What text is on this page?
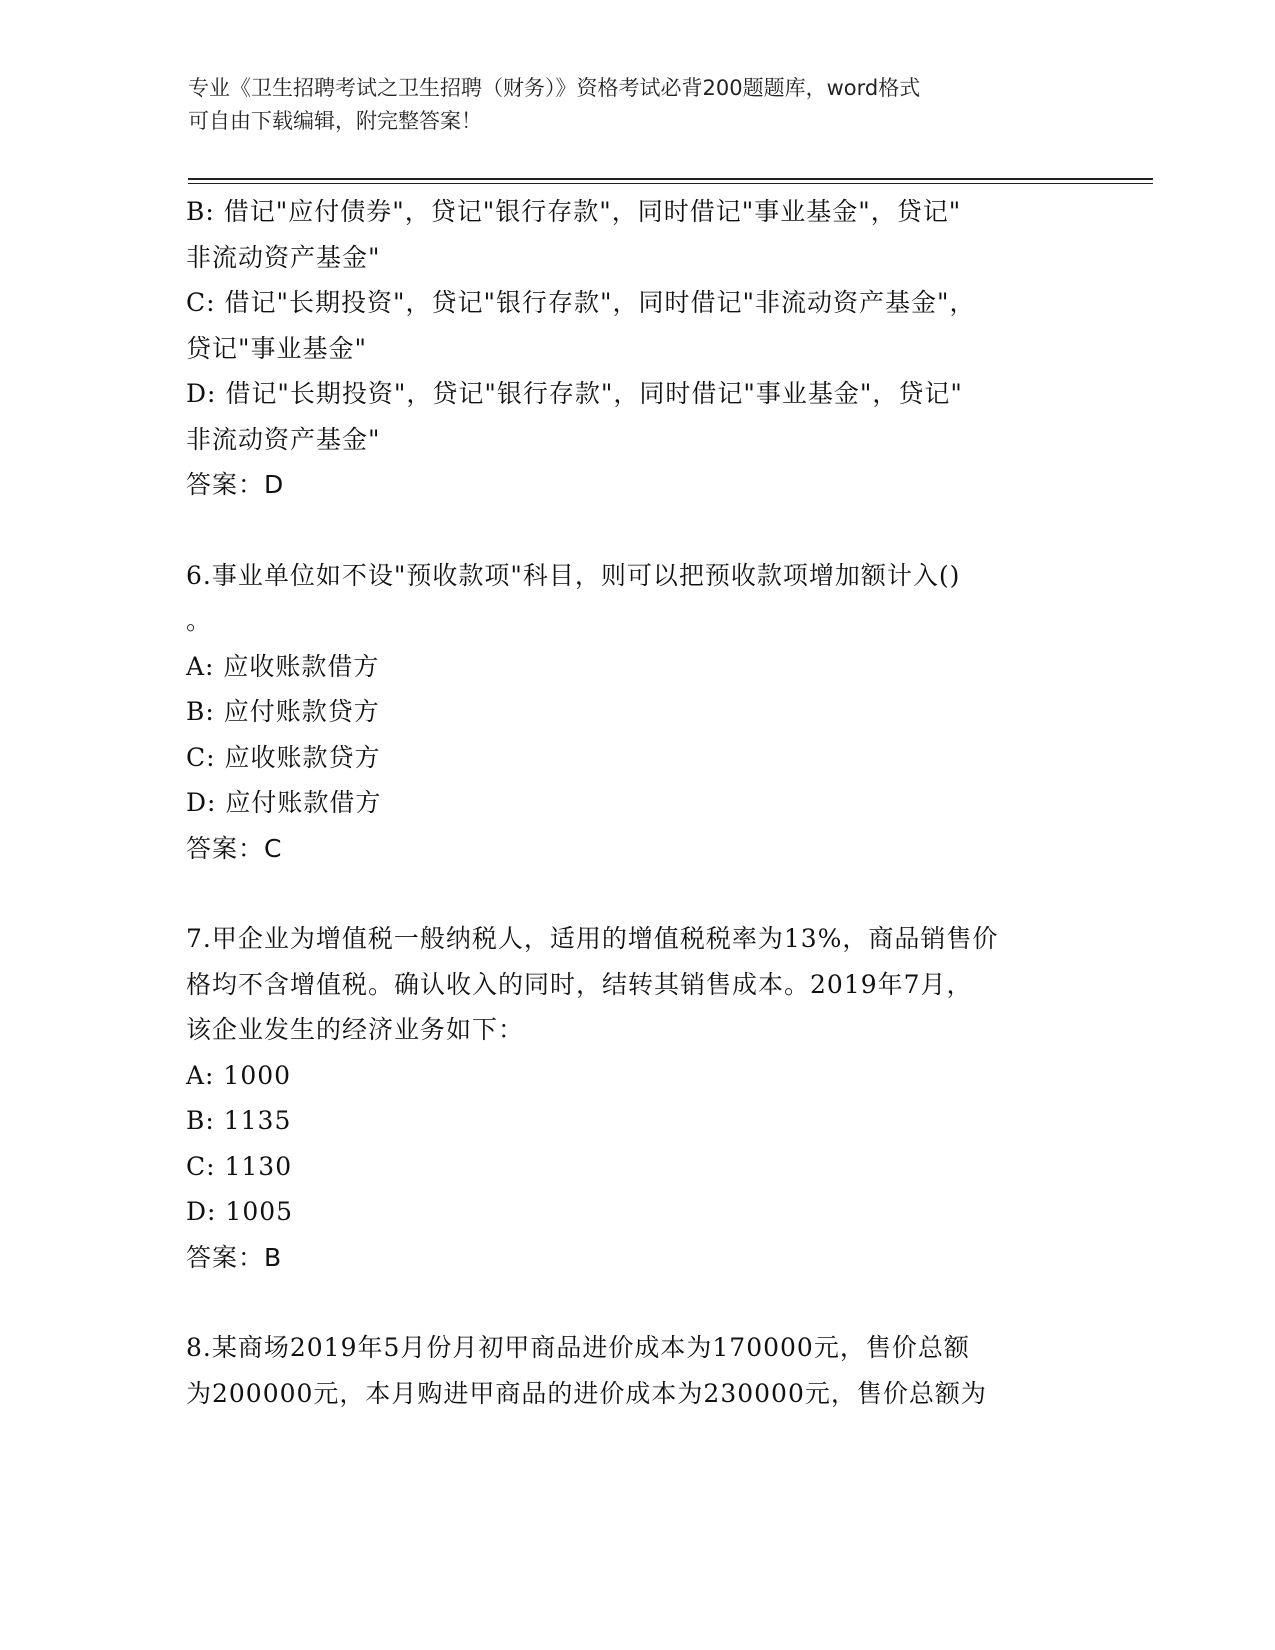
专业《卫生招聘考试之卫生招聘（财务）》资格考试必背200题题库，word格式
可自由下载编辑，附完整答案！
B: 借记"应付债券"，贷记"银行存款"，同时借记"事业基金"，贷记"
非流动资产基金"
C: 借记"长期投资"，贷记"银行存款"，同时借记"非流动资产基金"，
贷记"事业基金"
D: 借记"长期投资"，贷记"银行存款"，同时借记"事业基金"，贷记"
非流动资产基金"
答案：D
6.事业单位如不设"预收款项"科目，则可以把预收款项增加额计入()
。
A: 应收账款借方
B: 应付账款贷方
C: 应收账款贷方
D: 应付账款借方
答案：C
7.甲企业为增值税一般纳税人，适用的增值税税率为13%，商品销售价
格均不含增值税。确认收入的同时，结转其销售成本。2019年7月，
该企业发生的经济业务如下：
A: 1000
B: 1135
C: 1130
D: 1005
答案：B
8.某商场2019年5月份月初甲商品进价成本为170000元，售价总额
为200000元，本月购进甲商品的进价成本为230000元，售价总额为
